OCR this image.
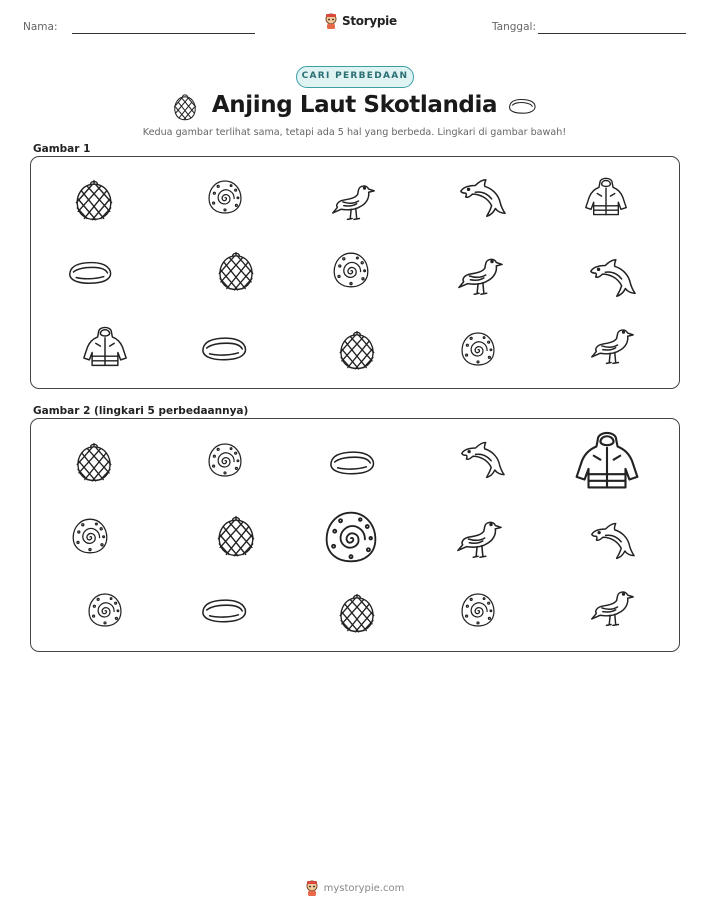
Nama:	Storypie	Tanggal:
CARI PERBEDAAN
Anjing Laut Skotlandia
Kedua gambar terlihat sama, tetapi ada 5 hal yang berbeda. Lingkari di gambar bawah!
Gambar 1
Gambar 2 (lingkari 5 perbedaannya)
mystorypie.com
